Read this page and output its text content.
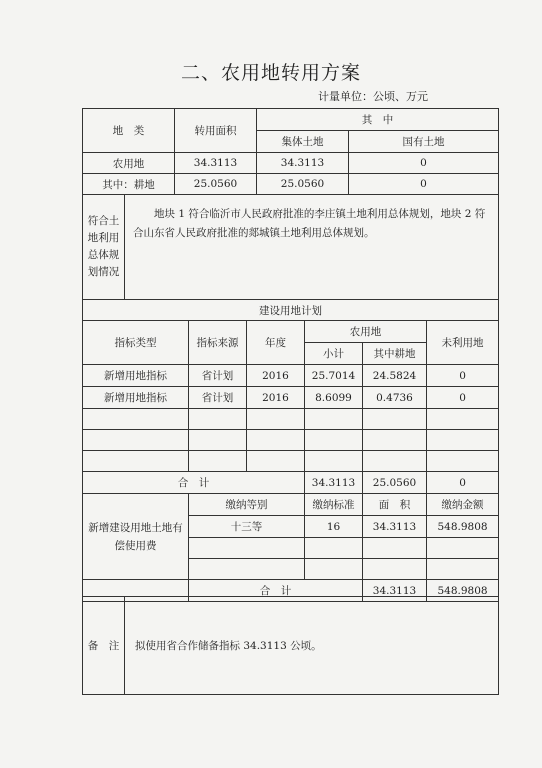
二、农用地转用方案
计量单位：公顷、万元
地　类	转用面积	其　中	
		集体土地	国有土地
农用地	34.3113	34.3113	0
其中：耕地	25.0560	25.0560	0
符合土地利用总体规划情况	地块 1 符合临沂市人民政府批准的李庄镇土地利用总体规划，地块 2 符合山东省人民政府批准的郯城镇土地利用总体规划。
建设用地计划					
指标类型	指标来源	年度	农用地		未利用地
			小计	其中耕地	
新增用地指标	省计划	2016	25.7014	24.5824	0
新增用地指标	省计划	2016	8.6099	0.4736	0

合　计			34.3113	25.0560	0
新增建设用地土地有偿使用费	缴纳等别		缴纳标准	面　积	缴纳金额
	十三等		16	34.3113	548.9808

	合　计			34.3113	548.9808
备　注	拟使用省合作储备指标 34.3113 公顷。
